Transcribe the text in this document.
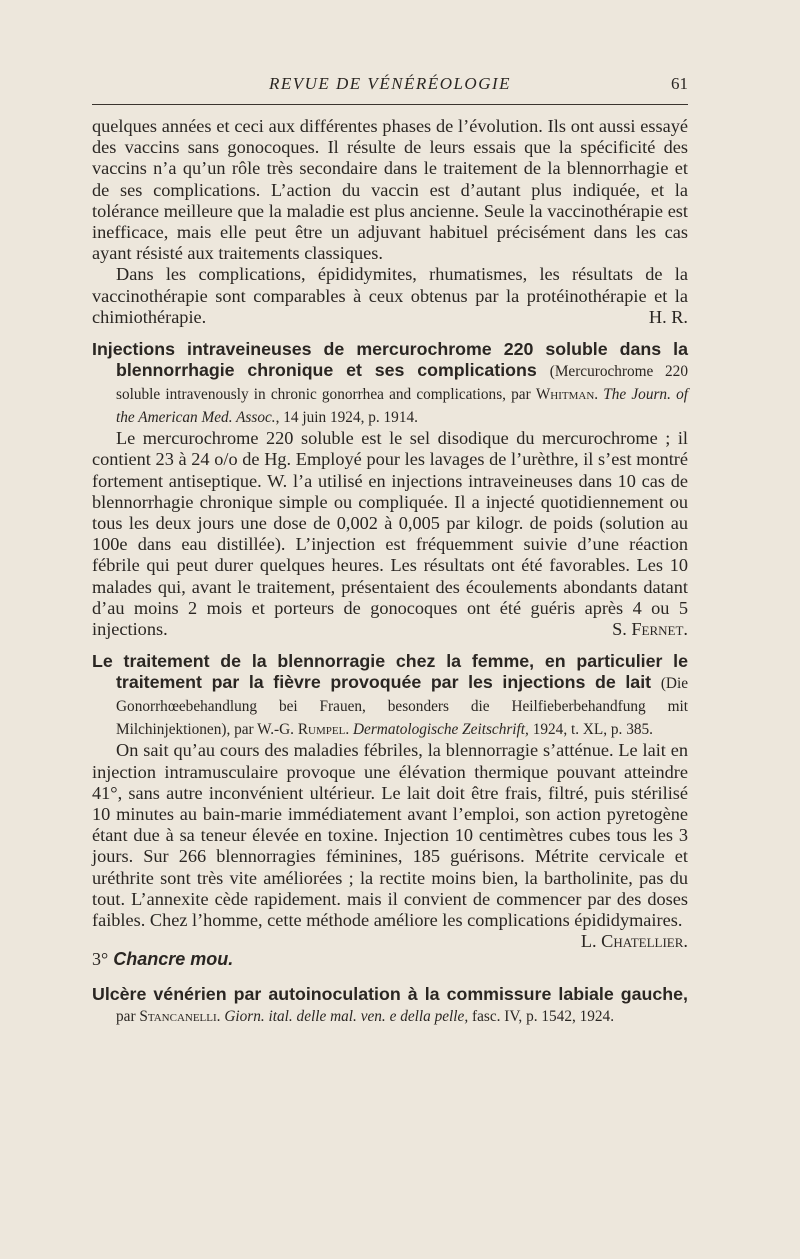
REVUE DE VÉNÉRÉOLOGIE	61

quelques années et ceci aux différentes phases de l’évolution. Ils ont aussi essayé des vaccins sans gonocoques. Il résulte de leurs essais que la spécificité des vaccins n’a qu’un rôle très secondaire dans le traitement de la blennorrhagie et de ses complications. L’action du vaccin est d’autant plus indiquée, et la tolérance meilleure que la maladie est plus ancienne. Seule la vaccinothérapie est inefficace, mais elle peut être un adjuvant habituel précisément dans les cas ayant résisté aux traitements classiques.

Dans les complications, épididymites, rhumatismes, les résultats de la vaccinothérapie sont comparables à ceux obtenus par la protéinothérapie et la chimiothérapie.	H. R.

Injections intraveineuses de mercurochrome 220 soluble dans la blennorrhagie chronique et ses complications (Mercurochrome 220 soluble intravenously in chronic gonorrhea and complications, par Whitman. The Journ. of the American Med. Assoc., 14 juin 1924, p. 1914.

Le mercurochrome 220 soluble est le sel disodique du mercurochrome ; il contient 23 à 24 o/o de Hg. Employé pour les lavages de l’urèthre, il s’est montré fortement antiseptique. W. l’a utilisé en injections intraveineuses dans 10 cas de blennorrhagie chronique simple ou compliquée. Il a injecté quotidiennement ou tous les deux jours une dose de 0,002 à 0,005 par kilogr. de poids (solution au 100e dans eau distillée). L’injection est fréquemment suivie d’une réaction fébrile qui peut durer quelques heures. Les résultats ont été favorables. Les 10 malades qui, avant le traitement, présentaient des écoulements abondants datant d’au moins 2 mois et porteurs de gonocoques ont été guéris après 4 ou 5 injections.	S. Fernet.

Le traitement de la blennorragie chez la femme, en particulier le traitement par la fièvre provoquée par les injections de lait (Die Gonorrhœebehandlung bei Frauen, besonders die Heilfieberbehandfung mit Milchinjektionen), par W.-G. Rumpel. Dermatologische Zeitschrift, 1924, t. XL, p. 385.

On sait qu’au cours des maladies fébriles, la blennorragie s’atténue. Le lait en injection intramusculaire provoque une élévation thermique pouvant atteindre 41°, sans autre inconvénient ultérieur. Le lait doit être frais, filtré, puis stérilisé 10 minutes au bain-marie immédiatement avant l’emploi, son action pyretogène étant due à sa teneur élevée en toxine. Injection 10 centimètres cubes tous les 3 jours. Sur 266 blennorragies féminines, 185 guérisons. Métrite cervicale et uréthrite sont très vite améliorées ; la rectite moins bien, la bartholinite, pas du tout. L’annexite cède rapidement. mais il convient de commencer par des doses faibles. Chez l’homme, cette méthode améliore les complications épididymaires.
L. Chatellier.

3° Chancre mou.
Ulcère vénérien par autoinoculation à la commissure labiale gauche, par Stancanelli. Giorn. ital. delle mal. ven. e della pelle, fasc. IV, p. 1542, 1924.
